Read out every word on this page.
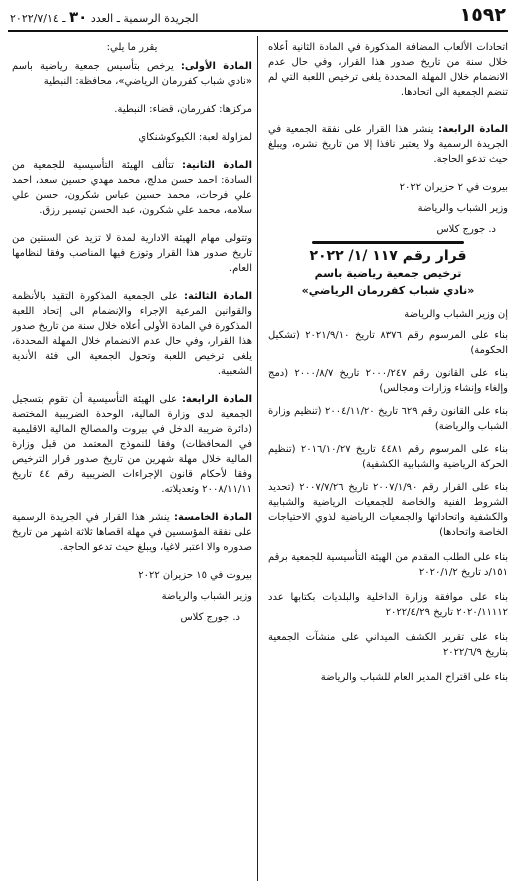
١٥٩٢
الجريدة الرسمية ـ العدد ٣٠ ـ ٢٠٢٢/٧/١٤

اتحادات الألعاب المضافة المذكورة في المادة الثانية أعلاه خلال سنة من تاريخ صدور هذا القرار، وفي حال عدم الانضمام خلال المهلة المحددة يلغى ترخيص اللعبة التي لم تنضم الجمعية الى اتحادها.

المادة الرابعة: ينشر هذا القرار على نفقة الجمعية في الجريدة الرسمية ولا يعتبر نافذا إلا من تاريخ نشره، ويبلغ حيث تدعو الحاجة.

بيروت في ٢ حزيران ٢٠٢٢

وزير الشباب والرياضة

د. جورج كلاس

قرار رقم ١١٧ /١/ ٢٠٢٢
ترخيص جمعية رياضية باسم
«نادي شباب كفررمان الرياضي»

إن وزير الشباب والرياضة

بناء على المرسوم رقم ٨٣٧٦ تاريخ ٢٠٢١/٩/١٠ (تشكيل الحكومة)

بناء على القانون رقم ٢٠٠٠/٢٤٧ تاريخ ٢٠٠٠/٨/٧ (دمج وإلغاء وإنشاء وزارات ومجالس)

بناء على القانون رقم ٦٢٩ تاريخ ٢٠٠٤/١١/٢٠ (تنظيم وزارة الشباب والرياضة)

بناء على المرسوم رقم ٤٤٨١ تاريخ ٢٠١٦/١٠/٢٧ (تنظيم الحركة الرياضية والشبابية الكشفية)

بناء على القرار رقم ٢٠٠٧/١/٩٠ تاريخ ٢٠٠٧/٧/٢٦ (تحديد الشروط الفنية والخاصة للجمعيات الرياضية والشبابية والكشفية واتحاداتها والجمعيات الرياضية لذوي الاحتياجات الخاصة واتحادها)

بناء على الطلب المقدم من الهيئة التأسيسية للجمعية برقم ١٥١/د تاريخ ٢٠٢٠/١/٢

بناء على موافقة وزارة الداخلية والبلديات بكتابها عدد ٢٠٢٠/١١١١٢ تاريخ ٢٠٢٢/٤/٢٩

بناء على تقرير الكشف الميداني على منشآت الجمعية بتاريخ ٢٠٢٢/٦/٩

بناء على اقتراح المدير العام للشباب والرياضة

يقرر ما يلي:

المادة الأولى: يرخص بتأسيس جمعية رياضية باسم «نادي شباب كفررمان الرياضي»، محافظة: النبطية

مركزها: كفررمان، قضاء: النبطية.

لمزاولة لعبة: الكيوكوشنكاي

المادة الثانية: تتألف الهيئة التأسيسية للجمعية من السادة: احمد حسن مدلج، محمد مهدي حسين سعد، احمد علي فرحات، محمد حسين عباس شكرون، حسن علي سلامه، محمد علي شكرون، عبد الحسن تيسير رزق.

وتتولى مهام الهيئة الادارية لمدة لا تزيد عن السنتين من تاريخ صدور هذا القرار وتوزع فيها المناصب وفقا لنظامها العام.

المادة الثالثة: على الجمعية المذكورة التقيد بالأنظمة والقوانين المرعية الإجراء والإنضمام الى إتحاد اللعبة المذكورة في المادة الأولى أعلاه خلال سنة من تاريخ صدور هذا القرار، وفي حال عدم الانضمام خلال المهلة المحددة، يلغى ترخيص اللعبة وتحول الجمعية الى فئة الأندية الشعبية.

المادة الرابعة: على الهيئة التأسيسية أن تقوم بتسجيل الجمعية لدى وزارة المالية، الوحدة الضريبية المختصة (دائرة ضريبة الدخل في بيروت والمصالح المالية الاقليمية في المحافظات) وفقا للنموذج المعتمد من قبل وزارة المالية خلال مهلة شهرين من تاريخ صدور قرار الترخيص وفقا لأحكام قانون الإجراءات الضريبية رقم ٤٤ تاريخ ٢٠٠٨/١١/١١ وتعديلاته.

المادة الخامسة: ينشر هذا القرار في الجريدة الرسمية على نفقة المؤسسين في مهلة اقصاها ثلاثة اشهر من تاريخ صدوره والا اعتبر لاغيا، ويبلغ حيث تدعو الحاجة.

بيروت في ١٥ حزيران ٢٠٢٢

وزير الشباب والرياضة

د. جورج كلاس
